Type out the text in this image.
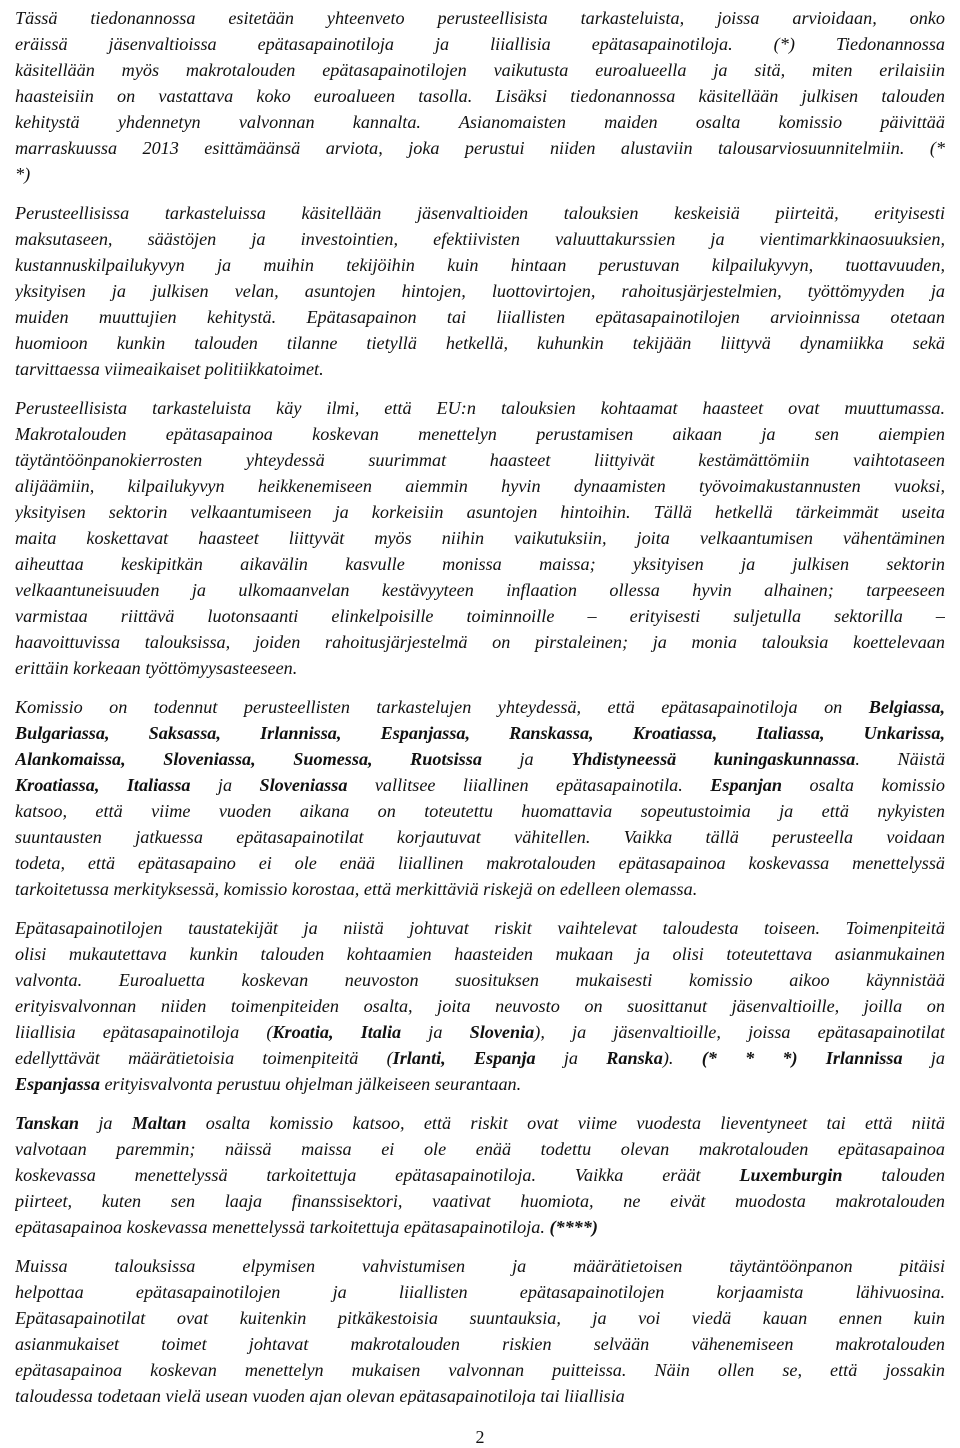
Tässä tiedonannossa esitetään yhteenveto perusteellisista tarkasteluista, joissa arvioidaan, onko
eräissä jäsenvaltioissa epätasapainotiloja ja liiallisia epätasapainotiloja. (*) Tiedonannossa
käsitellään myös makrotalouden epätasapainotilojen vaikutusta euroalueella ja sitä, miten erilaisiin
haasteisiin on vastattava koko euroalueen tasolla. Lisäksi tiedonannossa käsitellään julkisen talouden
kehitystä yhdennetyn valvonnan kannalta. Asianomaisten maiden osalta komissio päivittää
marraskuussa 2013 esittämäänsä arviota, joka perustui niiden alustaviin talousarviosuunnitelmiin. (*
*)
Perusteellisissa tarkasteluissa käsitellään jäsenvaltioiden talouksien keskeisiä piirteitä, erityisesti
maksutaseen, säästöjen ja investointien, efektiivisten valuuttakurssien ja vientimarkkinaosuuksien,
kustannuskilpailukyvyn ja muihin tekijöihin kuin hintaan perustuvan kilpailukyvyn, tuottavuuden,
yksityisen ja julkisen velan, asuntojen hintojen, luottovirtojen, rahoitusjärjestelmien, työttömyyden ja
muiden muuttujien kehitystä. Epätasapainon tai liiallisten epätasapainotilojen arvioinnissa otetaan
huomioon kunkin talouden tilanne tietyllä hetkellä, kuhunkin tekijään liittyvä dynamiikka sekä
tarvittaessa viimeaikaiset politiikkatoimet.
Perusteellisista tarkasteluista käy ilmi, että EU:n talouksien kohtaamat haasteet ovat muuttumassa.
Makrotalouden epätasapainoa koskevan menettelyn perustamisen aikaan ja sen aiempien
täytäntöönpanokierrosten yhteydessä suurimmat haasteet liittyivät kestämättömiin vaihtotaseen
alijäämiin, kilpailukyvyn heikkenemiseen aiemmin hyvin dynaamisten työvoimakustannusten vuoksi,
yksityisen sektorin velkaantumiseen ja korkeisiin asuntojen hintoihin. Tällä hetkellä tärkeimmät useita
maita koskettavat haasteet liittyvät myös niihin vaikutuksiin, joita velkaantumisen vähentäminen
aiheuttaa keskipitkän aikavälin kasvulle monissa maissa; yksityisen ja julkisen sektorin
velkaantuneisuuden ja ulkomaanvelan kestävyyteen inflaation ollessa hyvin alhainen; tarpeeseen
varmistaa riittävä luotonsaanti elinkelpoisille toiminnoille – erityisesti suljetulla sektorilla –
haavoittuvissa talouksissa, joiden rahoitusjärjestelmä on pirstaleinen; ja monia talouksia koettelevaan
erittäin korkeaan työttömyysasteeseen.
Komissio on todennut perusteellisten tarkastelujen yhteydessä, että epätasapainotiloja on Belgiassa,
Bulgariassa, Saksassa, Irlannissa, Espanjassa, Ranskassa, Kroatiassa, Italiassa, Unkarissa,
Alankomaissa, Sloveniassa, Suomessa, Ruotsissa ja Yhdistyneessä kuningaskunnassa. Näistä
Kroatiassa, Italiassa ja Sloveniassa vallitsee liiallinen epätasapainotila. Espanjan osalta komissio
katsoo, että viime vuoden aikana on toteutettu huomattavia sopeutustoimia ja että nykyisten
suuntausten jatkuessa epätasapainotilat korjautuvat vähitellen. Vaikka tällä perusteella voidaan
todeta, että epätasapaino ei ole enää liiallinen makrotalouden epätasapainoa koskevassa menettelyssä
tarkoitetussa merkityksessä, komissio korostaa, että merkittäviä riskejä on edelleen olemassa.
Epätasapainotilojen taustatekijät ja niistä johtuvat riskit vaihtelevat taloudesta toiseen. Toimenpiteitä
olisi mukautettava kunkin talouden kohtaamien haasteiden mukaan ja olisi toteutettava asianmukainen
valvonta. Euroaluetta koskevan neuvoston suosituksen mukaisesti komissio aikoo käynnistää
erityisvalvonnan niiden toimenpiteiden osalta, joita neuvosto on suosittanut jäsenvaltioille, joilla on
liiallisia epätasapainotiloja (Kroatia, Italia ja Slovenia), ja jäsenvaltioille, joissa epätasapainotilat
edellyttävät määrätietoisia toimenpiteitä (Irlanti, Espanja ja Ranska). (* * *) Irlannissa ja
Espanjassa erityisvalvonta perustuu ohjelman jälkeiseen seurantaan.
Tanskan ja Maltan osalta komissio katsoo, että riskit ovat viime vuodesta lieventyneet tai että niitä
valvotaan paremmin; näissä maissa ei ole enää todettu olevan makrotalouden epätasapainoa
koskevassa menettelyssä tarkoitettuja epätasapainotiloja. Vaikka eräät Luxemburgin talouden
piirteet, kuten sen laaja finanssisektori, vaativat huomiota, ne eivät muodosta makrotalouden
epätasapainoa koskevassa menettelyssä tarkoitettuja epätasapainotiloja. (****)
Muissa talouksissa elpymisen vahvistumisen ja määrätietoisen täytäntöönpanon pitäisi
helpottaa epätasapainotilojen ja liiallisten epätasapainotilojen korjaamista lähivuosina.
Epätasapainotilat ovat kuitenkin pitkäkestoisia suuntauksia, ja voi viedä kauan ennen kuin
asianmukaiset toimet johtavat makrotalouden riskien selvään vähenemiseen makrotalouden
epätasapainoa koskevan menettelyn mukaisen valvonnan puitteissa. Näin ollen se, että jossakin
taloudessa todetaan vielä usean vuoden ajan olevan epätasapainotiloja tai liiallisia
2
